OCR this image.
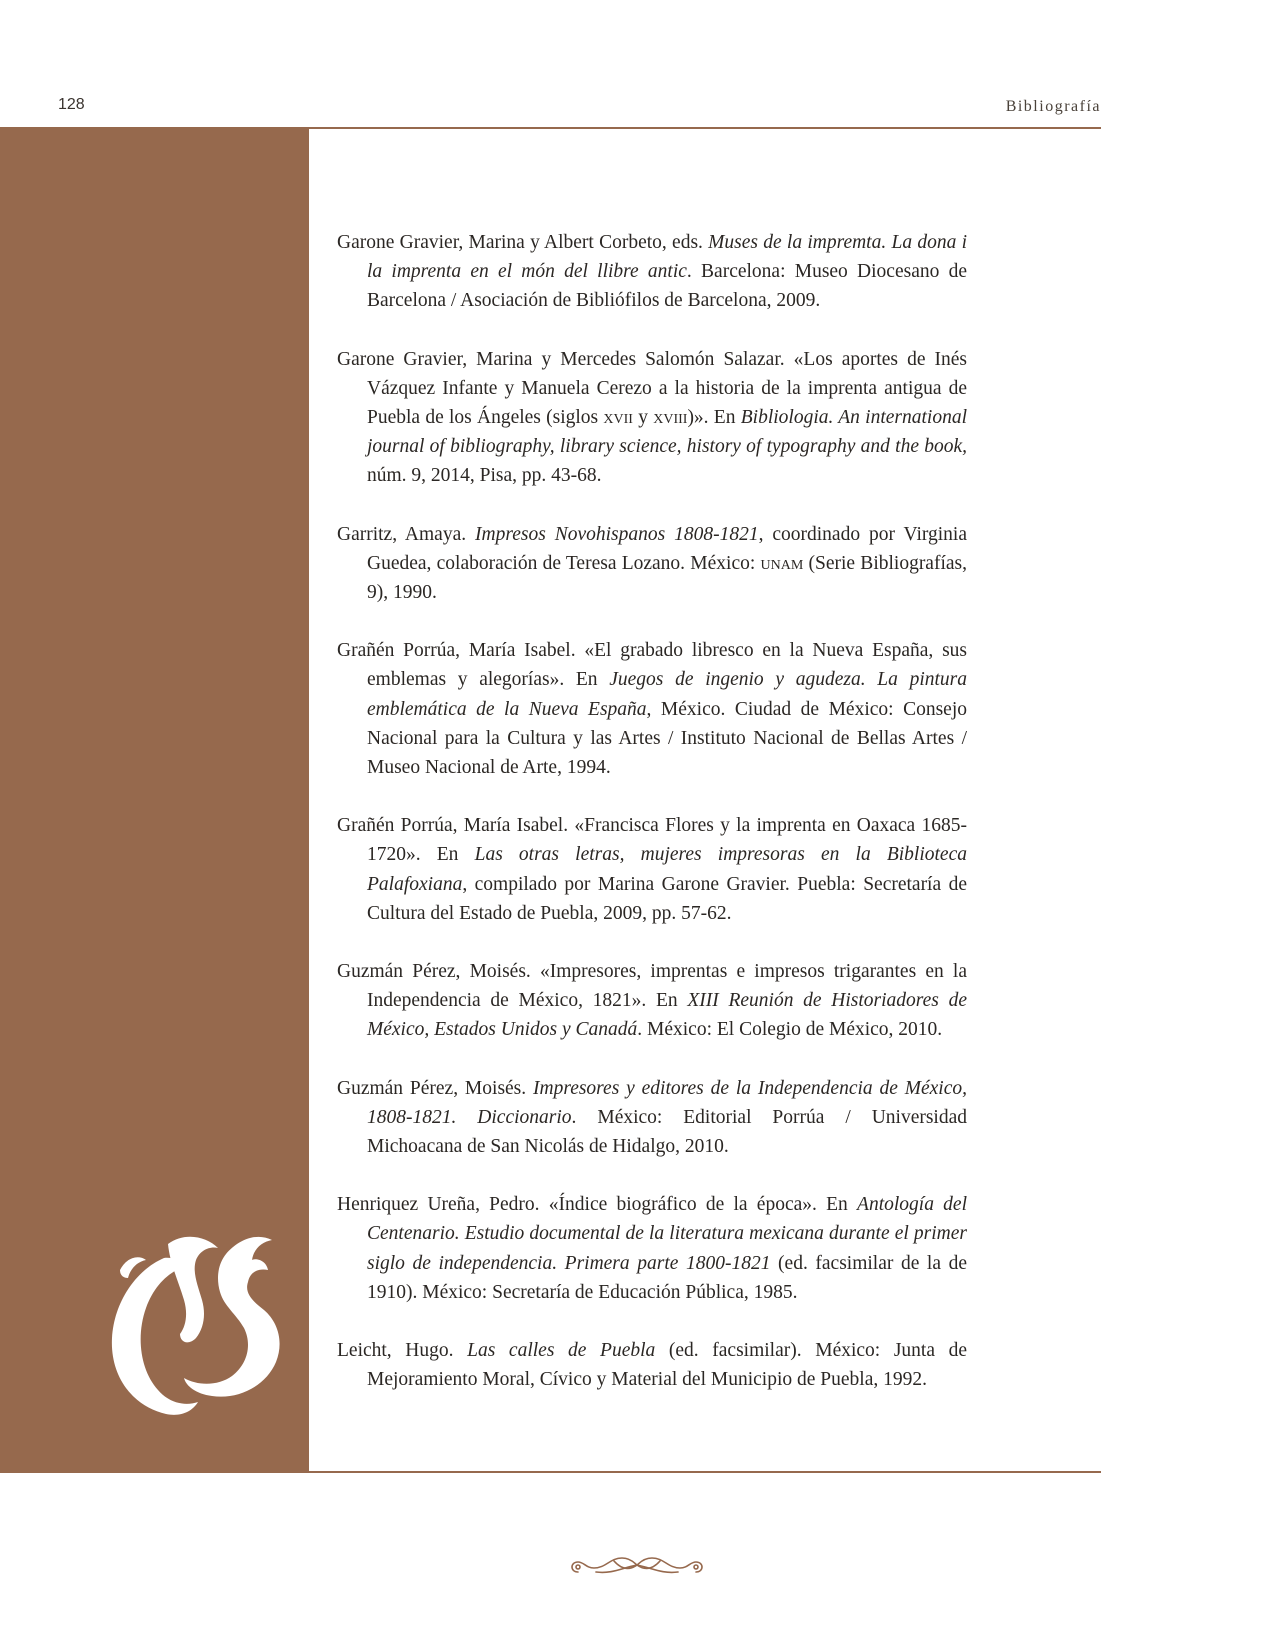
128	Bibliografía

Garone Gravier, Marina y Albert Corbeto, eds. Muses de la impremta. La dona i la imprenta en el món del llibre antic. Barcelona: Museo Diocesano de Barcelona / Asociación de Bibliófilos de Barcelona, 2009.

Garone Gravier, Marina y Mercedes Salomón Salazar. «Los aportes de Inés Vázquez Infante y Manuela Cerezo a la historia de la imprenta antigua de Puebla de los Ángeles (siglos xvii y xviii)». En Bibliologia. An international journal of bibliography, library science, history of typography and the book, núm. 9, 2014, Pisa, pp. 43-68.

Garritz, Amaya. Impresos Novohispanos 1808-1821, coordinado por Virginia Guedea, colaboración de Teresa Lozano. México: unam (Serie Bibliografías, 9), 1990.

Grañén Porrúa, María Isabel. «El grabado libresco en la Nueva España, sus emblemas y alegorías». En Juegos de ingenio y agudeza. La pintura emblemática de la Nueva España, México. Ciudad de México: Consejo Nacional para la Cultura y las Artes / Instituto Nacional de Bellas Artes / Museo Nacional de Arte, 1994.

Grañén Porrúa, María Isabel. «Francisca Flores y la imprenta en Oaxaca 1685-1720». En Las otras letras, mujeres impresoras en la Biblioteca Palafoxiana, compilado por Marina Garone Gravier. Puebla: Secretaría de Cultura del Estado de Puebla, 2009, pp. 57-62.

Guzmán Pérez, Moisés. «Impresores, imprentas e impresos trigarantes en la Independencia de México, 1821». En XIII Reunión de Historiadores de México, Estados Unidos y Canadá. México: El Colegio de México, 2010.

Guzmán Pérez, Moisés. Impresores y editores de la Independencia de México, 1808-1821. Diccionario. México: Editorial Porrúa / Universidad Michoacana de San Nicolás de Hidalgo, 2010.

Henriquez Ureña, Pedro. «Índice biográfico de la época». En Antología del Centenario. Estudio documental de la literatura mexicana durante el primer siglo de independencia. Primera parte 1800-1821 (ed. facsimilar de la de 1910). México: Secretaría de Educación Pública, 1985.

Leicht, Hugo. Las calles de Puebla (ed. facsimilar). México: Junta de Mejoramiento Moral, Cívico y Material del Municipio de Puebla, 1992.
